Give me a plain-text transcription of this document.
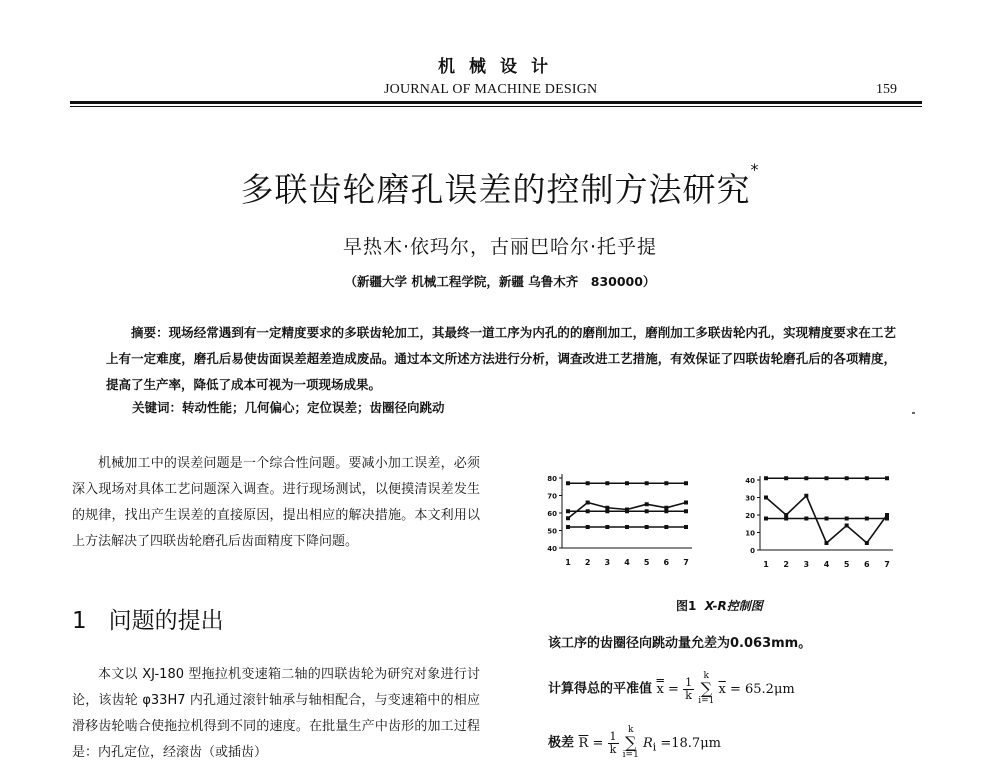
机械设计
JOURNAL OF MACHINE DESIGN	159
多联齿轮磨孔误差的控制方法研究*
早热木·依玛尔，古丽巴哈尔·托乎提
（新疆大学 机械工程学院，新疆 乌鲁木齐　830000）
摘要：现场经常遇到有一定精度要求的多联齿轮加工，其最终一道工序为内孔的的磨削加工，磨削加工多联齿轮内孔，实现精度要求在工艺上有一定难度，磨孔后易使齿面误差超差造成废品。通过本文所述方法进行分析，调查改进工艺措施，有效保证了四联齿轮磨孔后的各项精度，提高了生产率，降低了成本可视为一项现场成果。
关键词：转动性能；几何偏心；定位误差；齿圈径向跳动
机械加工中的误差问题是一个综合性问题。要减小加工误差，必须深入现场对具体工艺问题深入调查。进行现场测试，以便摸清误差发生的规律，找出产生误差的直接原因，提出相应的解决措施。本文利用以上方法解决了四联齿轮磨孔后齿面精度下降问题。
1 问题的提出
本文以 XJ-180 型拖拉机变速箱二轴的四联齿轮为研究对象进行讨论，该齿轮 φ33H7 内孔通过滚针轴承与轴相配合，与变速箱中的相应滑移齿轮啮合使拖拉机得到不同的速度。在批量生产中齿形的加工过程是：内孔定位，经滚齿（或插齿）
40
50
60
70
80
1 2 3 4 5 6 7
0
10
20
30
40
1 2 3 4 5 6 7
图1 X-R控制图
该工序的齿圈径向跳动量允差为0.063mm。
计算得总的平准值 $x = \frac{1}{k}$
k
∑
i=1 $\overline{x} = 65.2\mu m$
极差 $\overline{R} = \frac{1}{k}$
k
∑
i=1 $R_i =18.7\mu m$
